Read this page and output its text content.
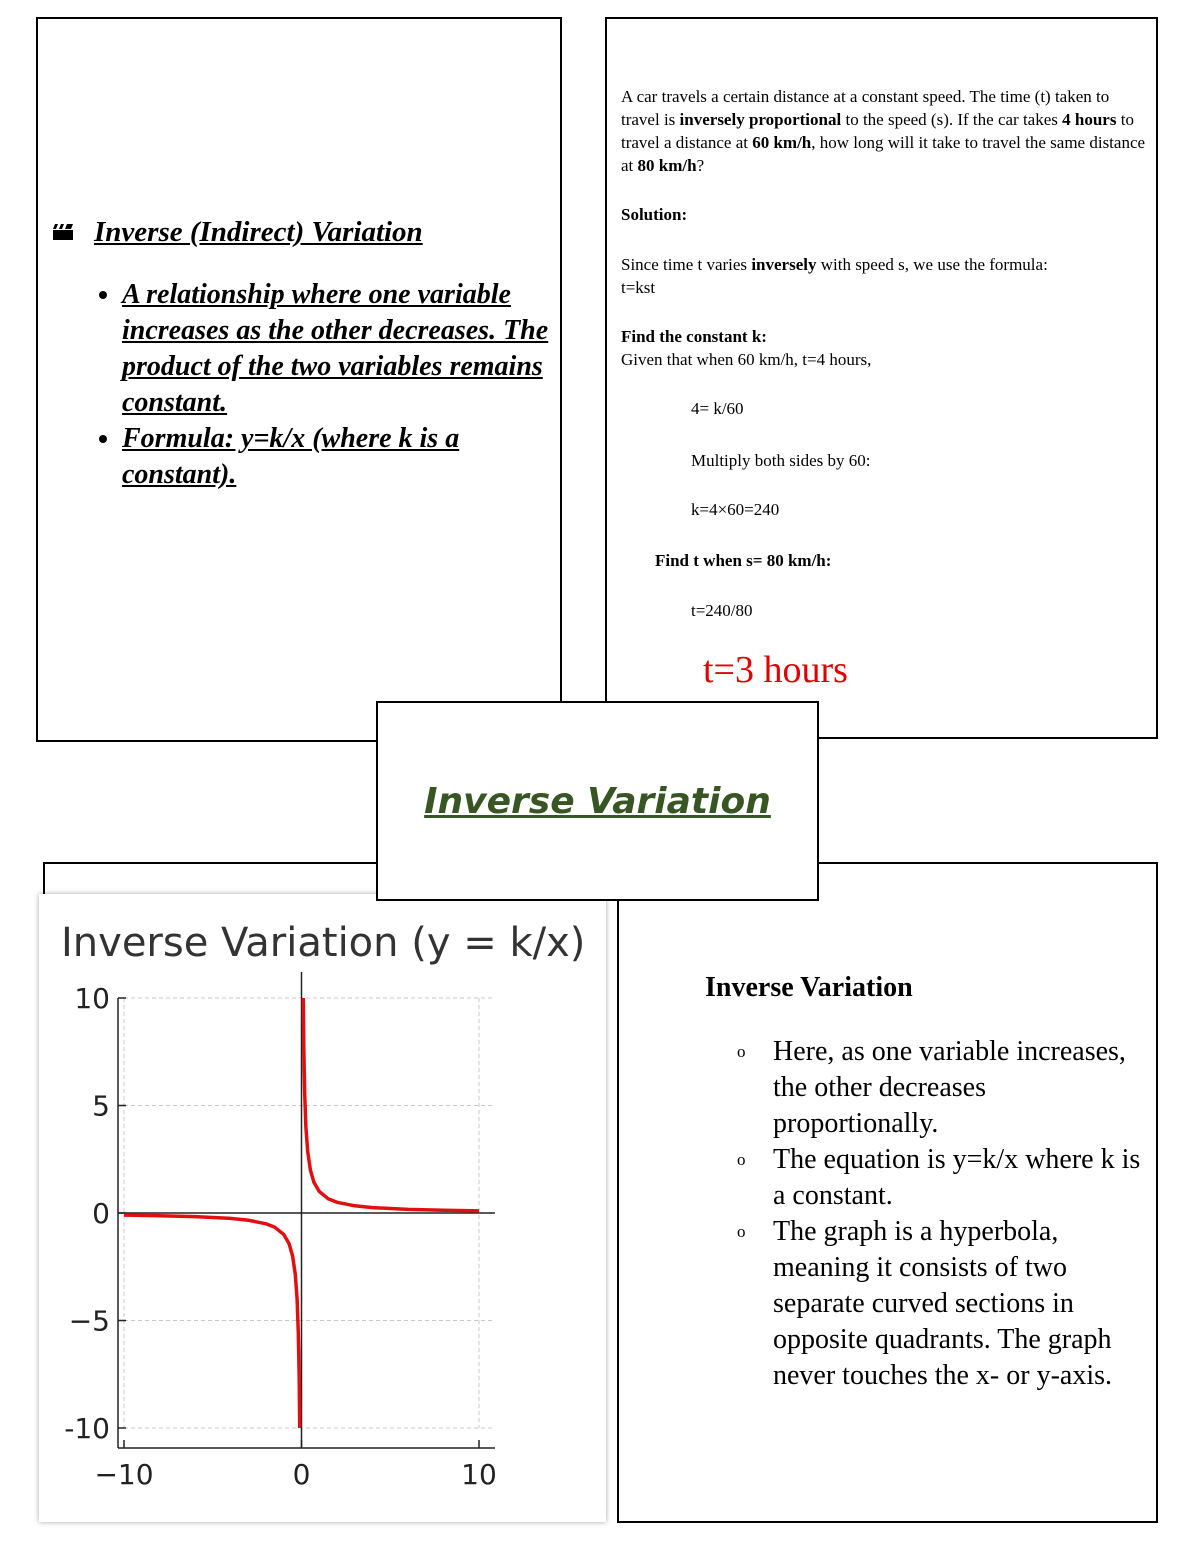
Inverse (Indirect) Variation
• A relationship where one variable increases as the other decreases. The product of the two variables remains constant.
• Formula: y=k/x (where k is a constant).
A car travels a certain distance at a constant speed. The time (t) taken to travel is inversely proportional to the speed (s). If the car takes 4 hours to travel a distance at 60 km/h, how long will it take to travel the same distance at 80 km/h?
Solution:
Since time t varies inversely with speed s, we use the formula:
t=kst
Find the constant k:
Given that when 60 km/h, t=4 hours,
4= k/60
Multiply both sides by 60:
k=4×60=240
Find t when s= 80 km/h:
t=240/80
t=3 hours
Inverse Variation
Inverse Variation (y = k/x)
−10	0	10
10
5
0
−5
-10
Inverse Variation
o Here, as one variable increases, the other decreases proportionally.
o The equation is y=k/x where k is a constant.
o The graph is a hyperbola, meaning it consists of two separate curved sections in opposite quadrants. The graph never touches the x- or y-axis.
